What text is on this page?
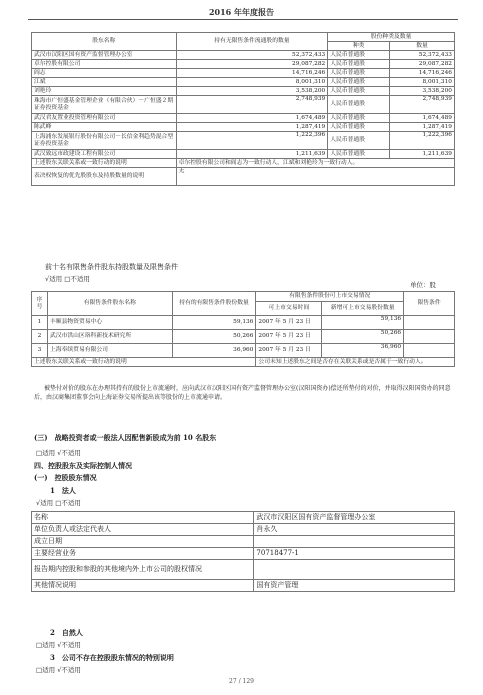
2016 年年度报告
股东名称	持有无限售条件流通股的数量	股份种类及数量	
		种类	数量
武汉市汉阳区国有资产监督管理办公室	52,372,433	人民币普通股	52,372,433
卓尔控股有限公司	29,087,282	人民币普通股	29,087,282
阎志	14,716,246	人民币普通股	14,716,246
江斌	8,001,310	人民币普通股	8,001,310
刘艳玲	3,538,200	人民币普通股	3,538,200
珠海市广恒盛基金管理企业（有限合伙）－广恒盛２期证券投资基金	2,748,939	人民币普通股	2,748,939
武汉君友置业投资管理有限公司	1,674,489	人民币普通股	1,674,489
陈武峰	1,287,419	人民币普通股	1,287,419
上海浦东发展银行股份有限公司－长信金利趋势混合型证券投资基金	1,222,396	人民币普通股	1,222,396
武汉致远市政建设工程有限公司	1,211,639	人民币普通股	1,211,639
上述股东关联关系或一致行动的说明	卓尔控股有限公司和阎志为一致行动人，江斌和刘艳玲为一致行动人。		
表决权恢复的优先股股东及持股数量的说明	无		
前十名有限售条件股东持股数量及限售条件
√适用 □不适用
单位：股
序号	有限售条件股东名称	持有的有限售条件股份数量	有限售条件股份可上市交易情况		限售条件
			可上市交易时间	新增可上市交易股份数量	
1	丰顺县物资贸易中心	59,136	2007 年 5 月 23 日	59,136	
2	武汉市洪山区珞科新技术研究所	50,266	2007 年 5 月 23 日	50,266	
3	上海奉缤贸易有限公司	36,960	2007 年 5 月 23 日	36,960	
上述股东关联关系或一致行动的说明			公司未知上述股东之间是否存在关联关系或是否属于一致行动人。		
被垫付对价的股东在办理其持有的股份上市流通时，应向武汉市汉阳区国有资产监督管理办公室(汉阳国资办)偿还所垫付的对价，并取得汉阳国资办的同意后，由汉商集团董事会向上海证券交易所提出该等股份的上市流通申请。
(三)　战略投资者或一般法人因配售新股成为前 10 名股东
□适用 √不适用
四、控股股东及实际控制人情况
(一)　控股股东情况
1　法人
√适用 □不适用
名称	武汉市汉阳区国有资产监督管理办公室
单位负责人或法定代表人	肖永久
成立日期	
主要经营业务	70718477-1
报告期内控股和参股的其他境内外上市公司的股权情况	
其他情况说明	国有资产管理
2　自然人
□适用 √不适用
3　公司不存在控股股东情况的特别说明
□适用 √不适用
27 / 129
